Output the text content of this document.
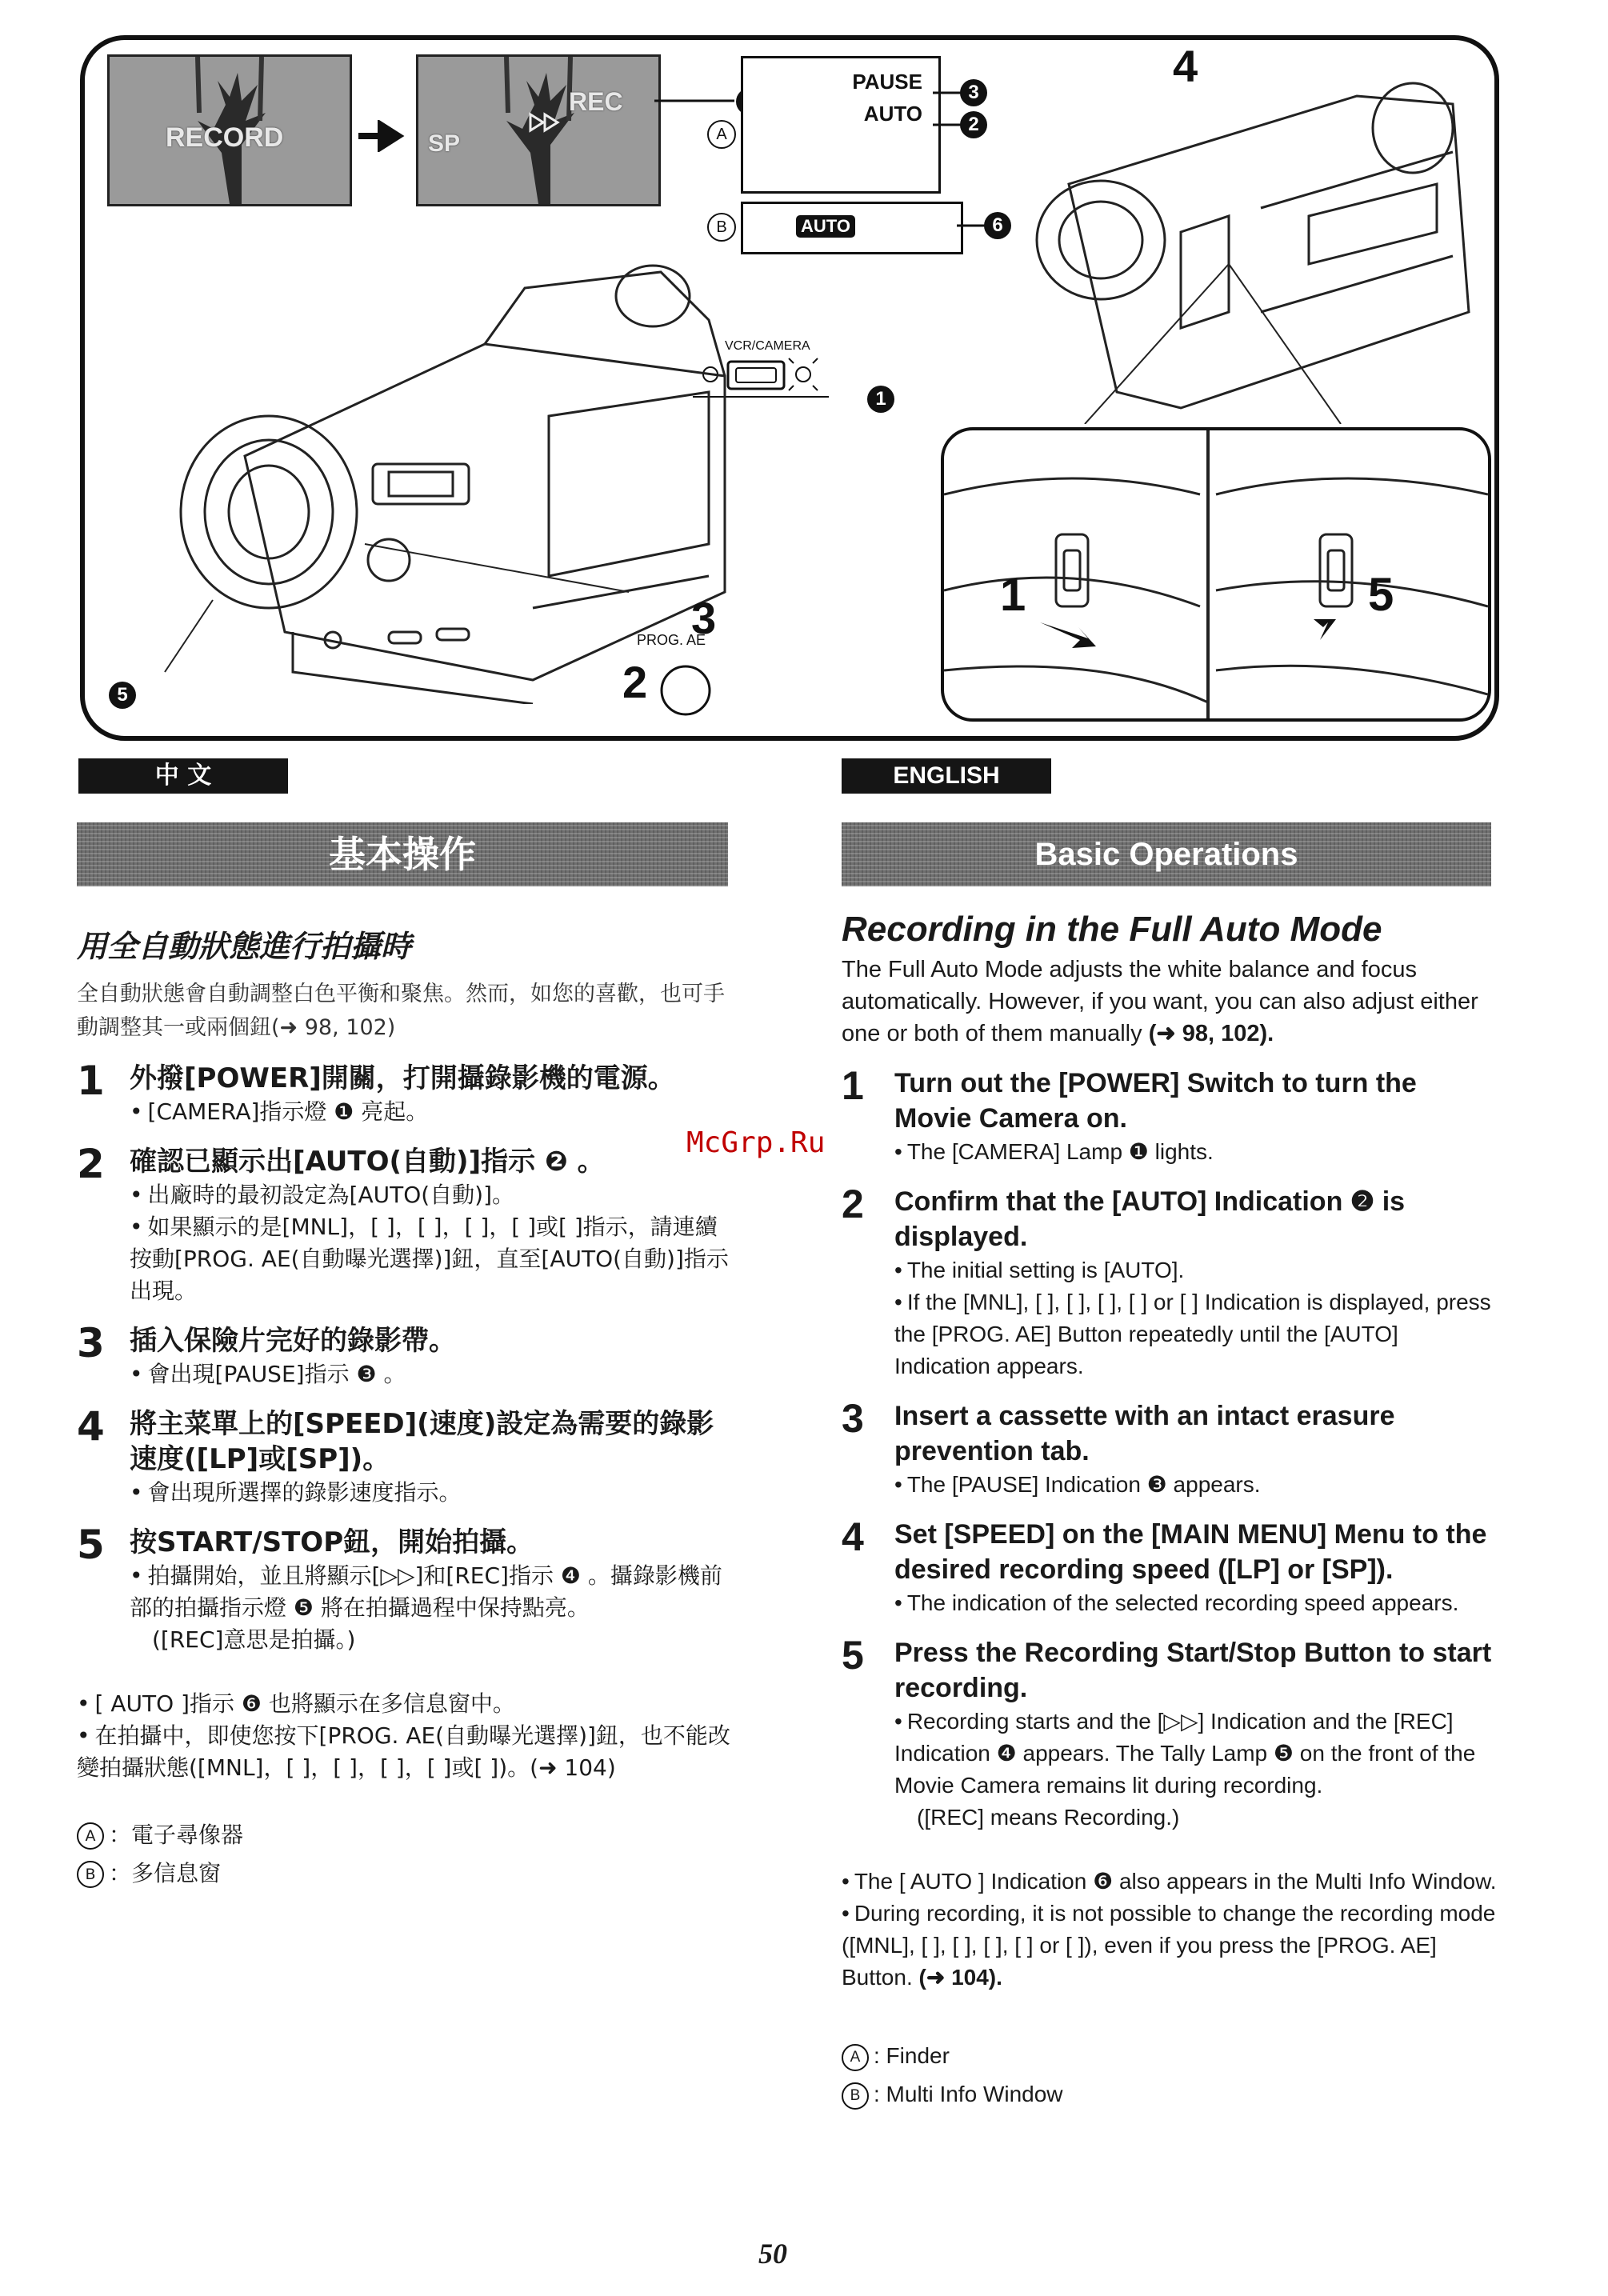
RECORD	SP
REC
PAUSE
AUTO
3
2
A
AUTO	6
B
VCR/CAMERA
1
PROG. AE
2
3
5
4
1	5
中 文	ENGLISH
基本操作	Basic Operations
McGrp.Ru
用全自動狀態進行拍攝時
全自動狀態會自動調整白色平衡和聚焦。然而，如您的喜歡，也可手動調整其一或兩個鈕(➜ 98, 102)
1 外撥[POWER]開關，打開攝錄影機的電源。
• [CAMERA]指示燈 ❶ 亮起。
2 確認已顯示出[AUTO(自動)]指示 ❷ 。
• 出廠時的最初設定為[AUTO(自動)]。
• 如果顯示的是[MNL]，[ ]，[ ]，[ ]，[ ]或[ ]指示，請連續按動[PROG. AE(自動曝光選擇)]鈕，直至[AUTO(自動)]指示出現。
3 插入保險片完好的錄影帶。
• 會出現[PAUSE]指示 ❸ 。
4 將主菜單上的[SPEED](速度)設定為需要的錄影速度([LP]或[SP])。
• 會出現所選擇的錄影速度指示。
5 按START/STOP鈕，開始拍攝。
• 拍攝開始，並且將顯示[▷▷]和[REC]指示 ❹ 。攝錄影機前部的拍攝指示燈 ❺ 將在拍攝過程中保持點亮。
([REC]意思是拍攝。)

• [ AUTO ]指示 ❻ 也將顯示在多信息窗中。

• 在拍攝中，即使您按下[PROG. AE(自動曝光選擇)]鈕，也不能改變拍攝狀態([MNL]，[ ]，[ ]，[ ]，[ ]或[ ])。(➜ 104)

A ：電子尋像器
B ：多信息窗
Recording in the Full Auto Mode
The Full Auto Mode adjusts the white balance and focus automatically. However, if you want, you can also adjust either one or both of them manually (➜ 98, 102).
1 Turn out the [POWER] Switch to turn the Movie Camera on.
• The [CAMERA] Lamp ❶ lights.
2 Confirm that the [AUTO] Indication ❷ is displayed.
• The initial setting is [AUTO].
• If the [MNL], [ ], [ ], [ ], [ ] or [ ] Indication is displayed, press the [PROG. AE] Button repeatedly until the [AUTO] Indication appears.
3 Insert a cassette with an intact erasure prevention tab.
• The [PAUSE] Indication ❸ appears.
4 Set [SPEED] on the [MAIN MENU] Menu to the desired recording speed ([LP] or [SP]).
• The indication of the selected recording speed appears.
5 Press the Recording Start/Stop Button to start recording.
• Recording starts and the [▷▷] Indication and the [REC] Indication ❹ appears. The Tally Lamp ❺ on the front of the Movie Camera remains lit during recording.
([REC] means Recording.)

• The [ AUTO ] Indication ❻ also appears in the Multi Info Window.

• During recording, it is not possible to change the recording mode ([MNL], [ ], [ ], [ ], [ ] or [ ]), even if you press the [PROG. AE] Button. (➜ 104).

A : Finder
B : Multi Info Window
50
